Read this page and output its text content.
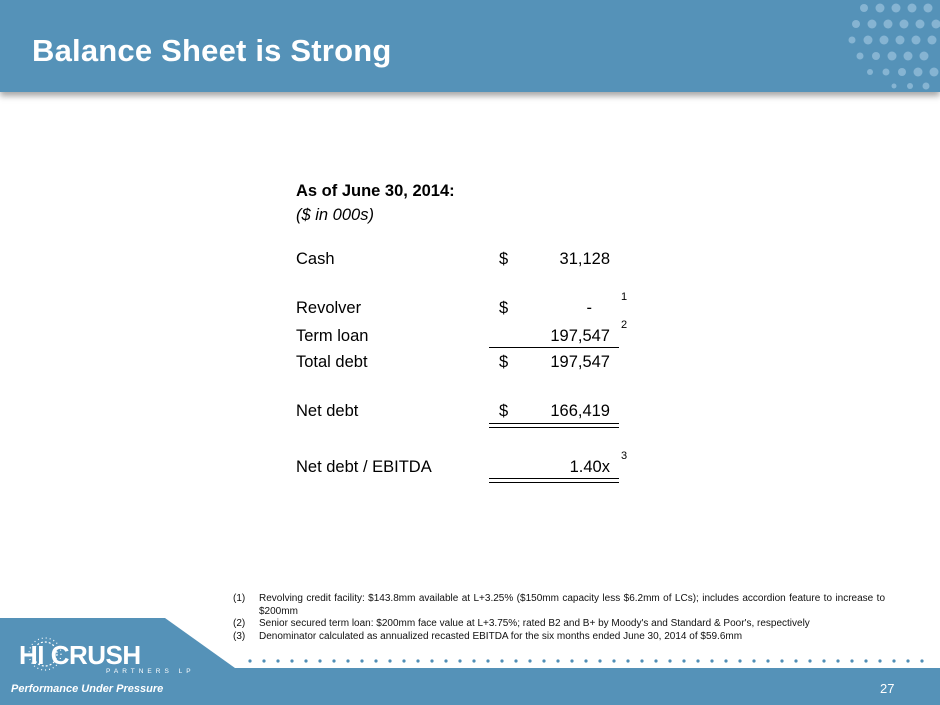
Balance Sheet is Strong
As of June 30, 2014:
($ in 000s)
Cash	$	31,128
Revolver	$	-
1
Term loan	197,547
2
Total debt	$	197,547
Net debt	$	166,419
Net debt / EBITDA	1.40x
3
(1) Revolving credit facility: $143.8mm available at L+3.25% ($150mm capacity less $6.2mm of LCs); includes accordion feature to increase to $200mm
(2) Senior secured term loan: $200mm face value at L+3.75%; rated B2 and B+ by Moody's and Standard & Poor's, respectively
(3) Denominator calculated as annualized recasted EBITDA for the six months ended June 30, 2014 of $59.6mm
HI CRUSH
PARTNERS LP
Performance Under Pressure	27
